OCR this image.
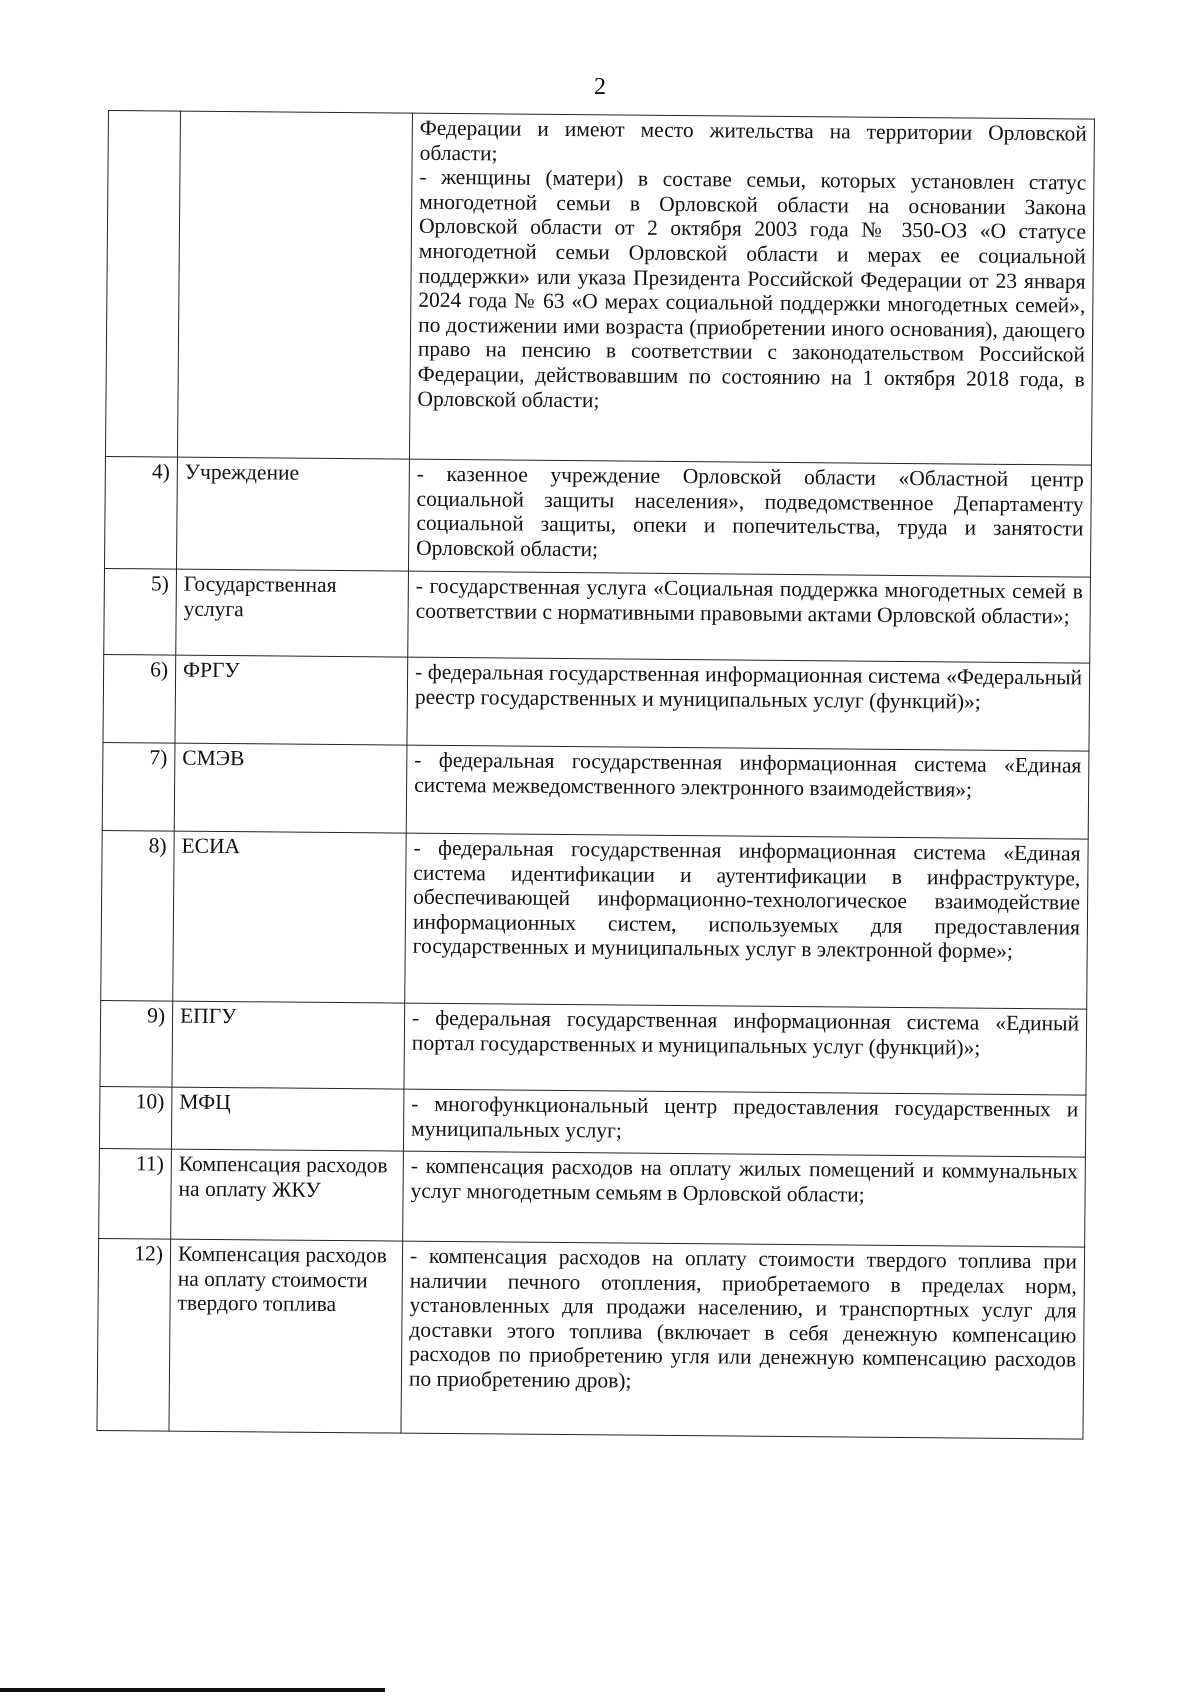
2

		Федерации и имеют место жительства на территории Орловской области;
- женщины (матери) в составе семьи, которых установлен статус многодетной семьи в Орловской области на основании Закона Орловской области от 2 октября 2003 года № 350-ОЗ «О статусе многодетной семьи Орловской области и мерах ее социальной поддержки» или указа Президента Российской Федерации от 23 января 2024 года № 63 «О мерах социальной поддержки многодетных семей», по достижении ими возраста (приобретении иного основания), дающего право на пенсию в соответствии с законодательством Российской Федерации, действовавшим по состоянию на 1 октября 2018 года, в Орловской области;

4)	Учреждение	- казенное учреждение Орловской области «Областной центр социальной защиты населения», подведомственное Департаменту социальной защиты, опеки и попечительства, труда и занятости Орловской области;
5)	Государственная услуга	- государственная услуга «Социальная поддержка многодетных семей в соответствии с нормативными правовыми актами Орловской области»;
6)	ФРГУ	- федеральная государственная информационная система «Федеральный реестр государственных и муниципальных услуг (функций)»;
7)	СМЭВ	- федеральная государственная информационная система «Единая система межведомственного электронного взаимодействия»;
8)	ЕСИА	- федеральная государственная информационная система «Единая система идентификации и аутентификации в инфраструктуре, обеспечивающей информационно-технологическое взаимодействие информационных систем, используемых для предоставления государственных и муниципальных услуг в электронной форме»;
9)	ЕПГУ	- федеральная государственная информационная система «Единый портал государственных и муниципальных услуг (функций)»;
10)	МФЦ	- многофункциональный центр предоставления государственных и муниципальных услуг;
11)	Компенсация расходов на оплату ЖКУ	- компенсация расходов на оплату жилых помещений и коммунальных услуг многодетным семьям в Орловской области;
12)	Компенсация расходов на оплату стоимости твердого топлива	- компенсация расходов на оплату стоимости твердого топлива при наличии печного отопления, приобретаемого в пределах норм, установленных для продажи населению, и транспортных услуг для доставки этого топлива (включает в себя денежную компенсацию расходов по приобретению угля или денежную компенсацию расходов по приобретению дров);
